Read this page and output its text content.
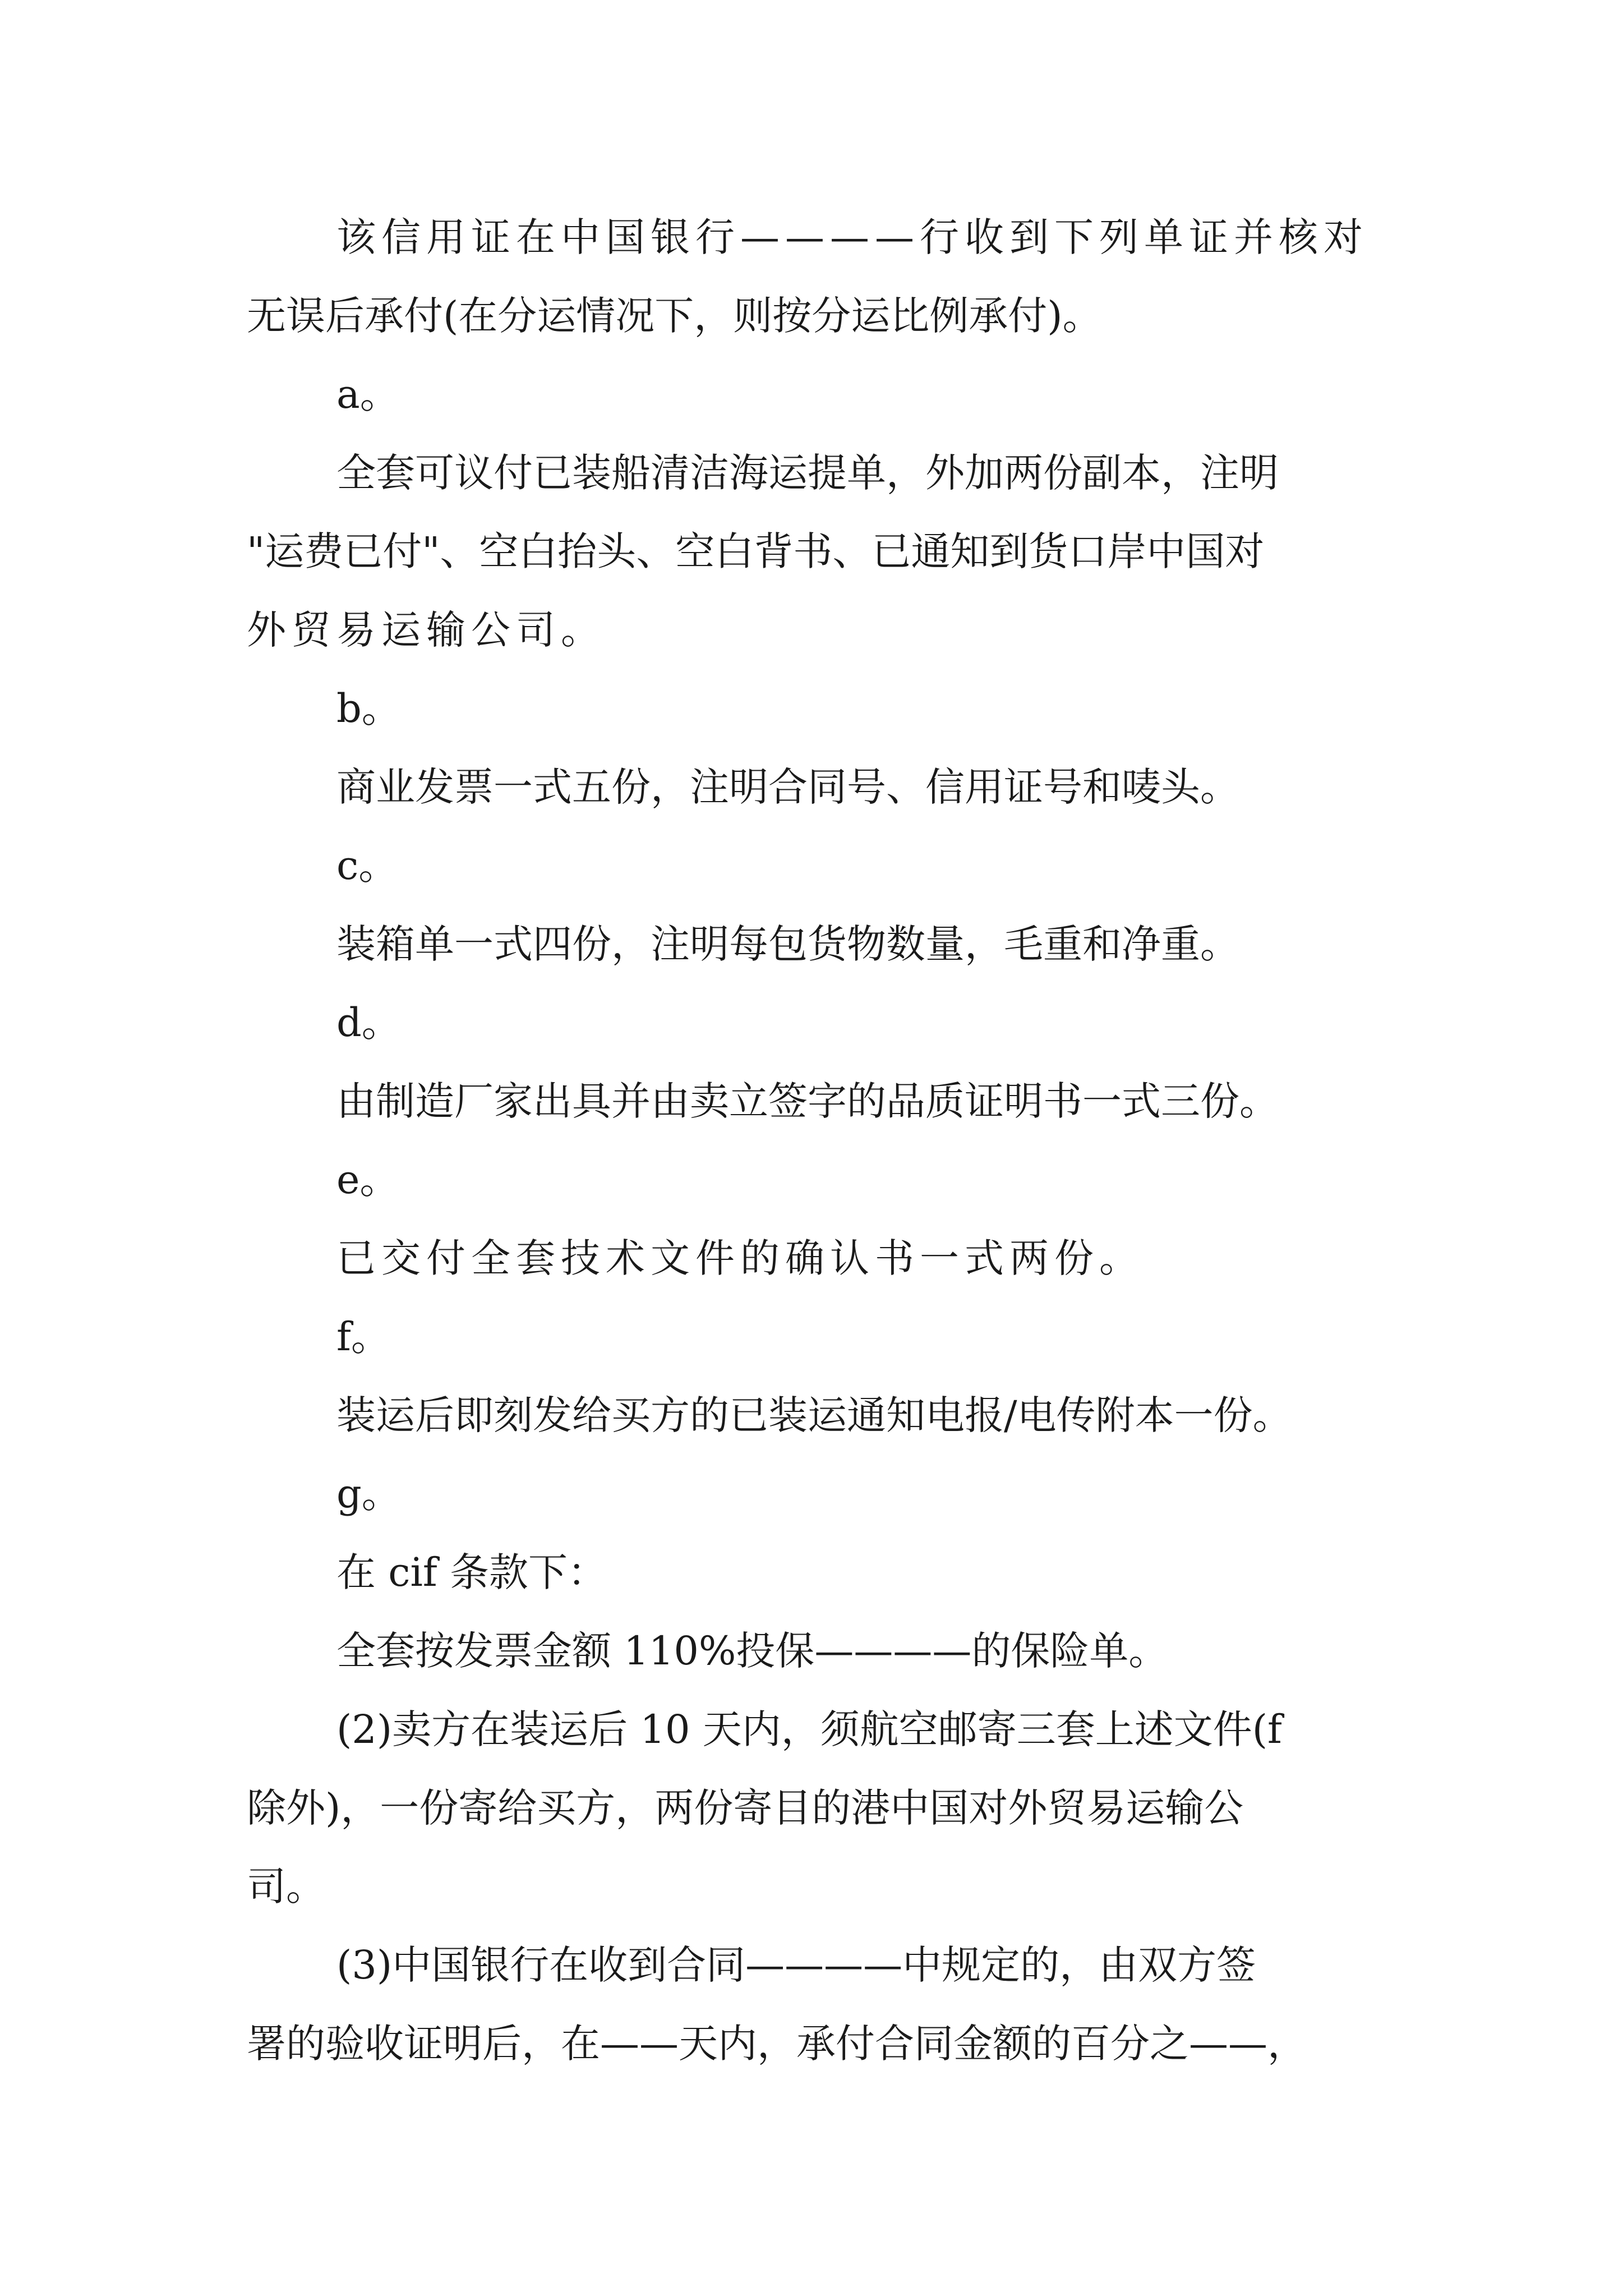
该信用证在中国银行————行收到下列单证并核对

无误后承付(在分运情况下，则按分运比例承付)。

a。

全套可议付已装船清洁海运提单，外加两份副本，注明

"运费已付"、空白抬头、空白背书、已通知到货口岸中国对

外贸易运输公司。

b。

商业发票一式五份，注明合同号、信用证号和唛头。

c。

装箱单一式四份，注明每包货物数量，毛重和净重。

d。

由制造厂家出具并由卖立签字的品质证明书一式三份。

e。

已交付全套技术文件的确认书一式两份。

f。

装运后即刻发给买方的已装运通知电报/电传附本一份。

g。

在 cif 条款下：

全套按发票金额 110%投保————的保险单。

(2)卖方在装运后 10 天内，须航空邮寄三套上述文件(f

除外)，一份寄给买方，两份寄目的港中国对外贸易运输公

司。

(3)中国银行在收到合同————中规定的，由双方签

署的验收证明后，在——天内，承付合同金额的百分之——，
